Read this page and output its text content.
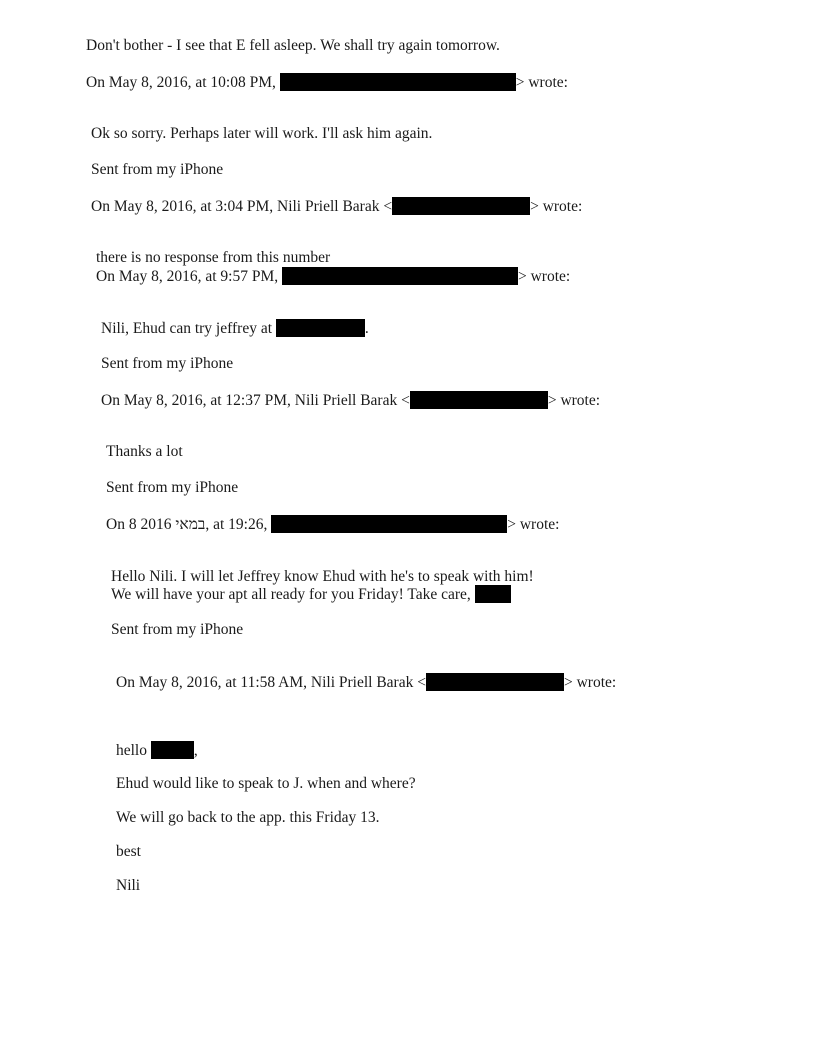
Don't bother - I see that E fell asleep. We shall try again tomorrow.
On May 8, 2016, at 10:08 PM,	> wrote:
Ok so sorry. Perhaps later will work. I'll ask him again.
Sent from my iPhone
On May 8, 2016, at 3:04 PM, Nili Priell Barak <	> wrote:
there is no response from this number
On May 8, 2016, at 9:57 PM,	> wrote:
Nili, Ehud can try jeffrey at	.
Sent from my iPhone
On May 8, 2016, at 12:37 PM, Nili Priell Barak <	> wrote:
Thanks a lot
Sent from my iPhone
On 8 2016 במאי, at 19:26,	> wrote:
Hello Nili. I will let Jeffrey know Ehud with he's to speak with him!
We will have your apt all ready for you Friday! Take care,
Sent from my iPhone
On May 8, 2016, at 11:58 AM, Nili Priell Barak <	> wrote:
hello	,
Ehud would like to speak to J. when and where?
We will go back to the app. this Friday 13.
best
Nili
